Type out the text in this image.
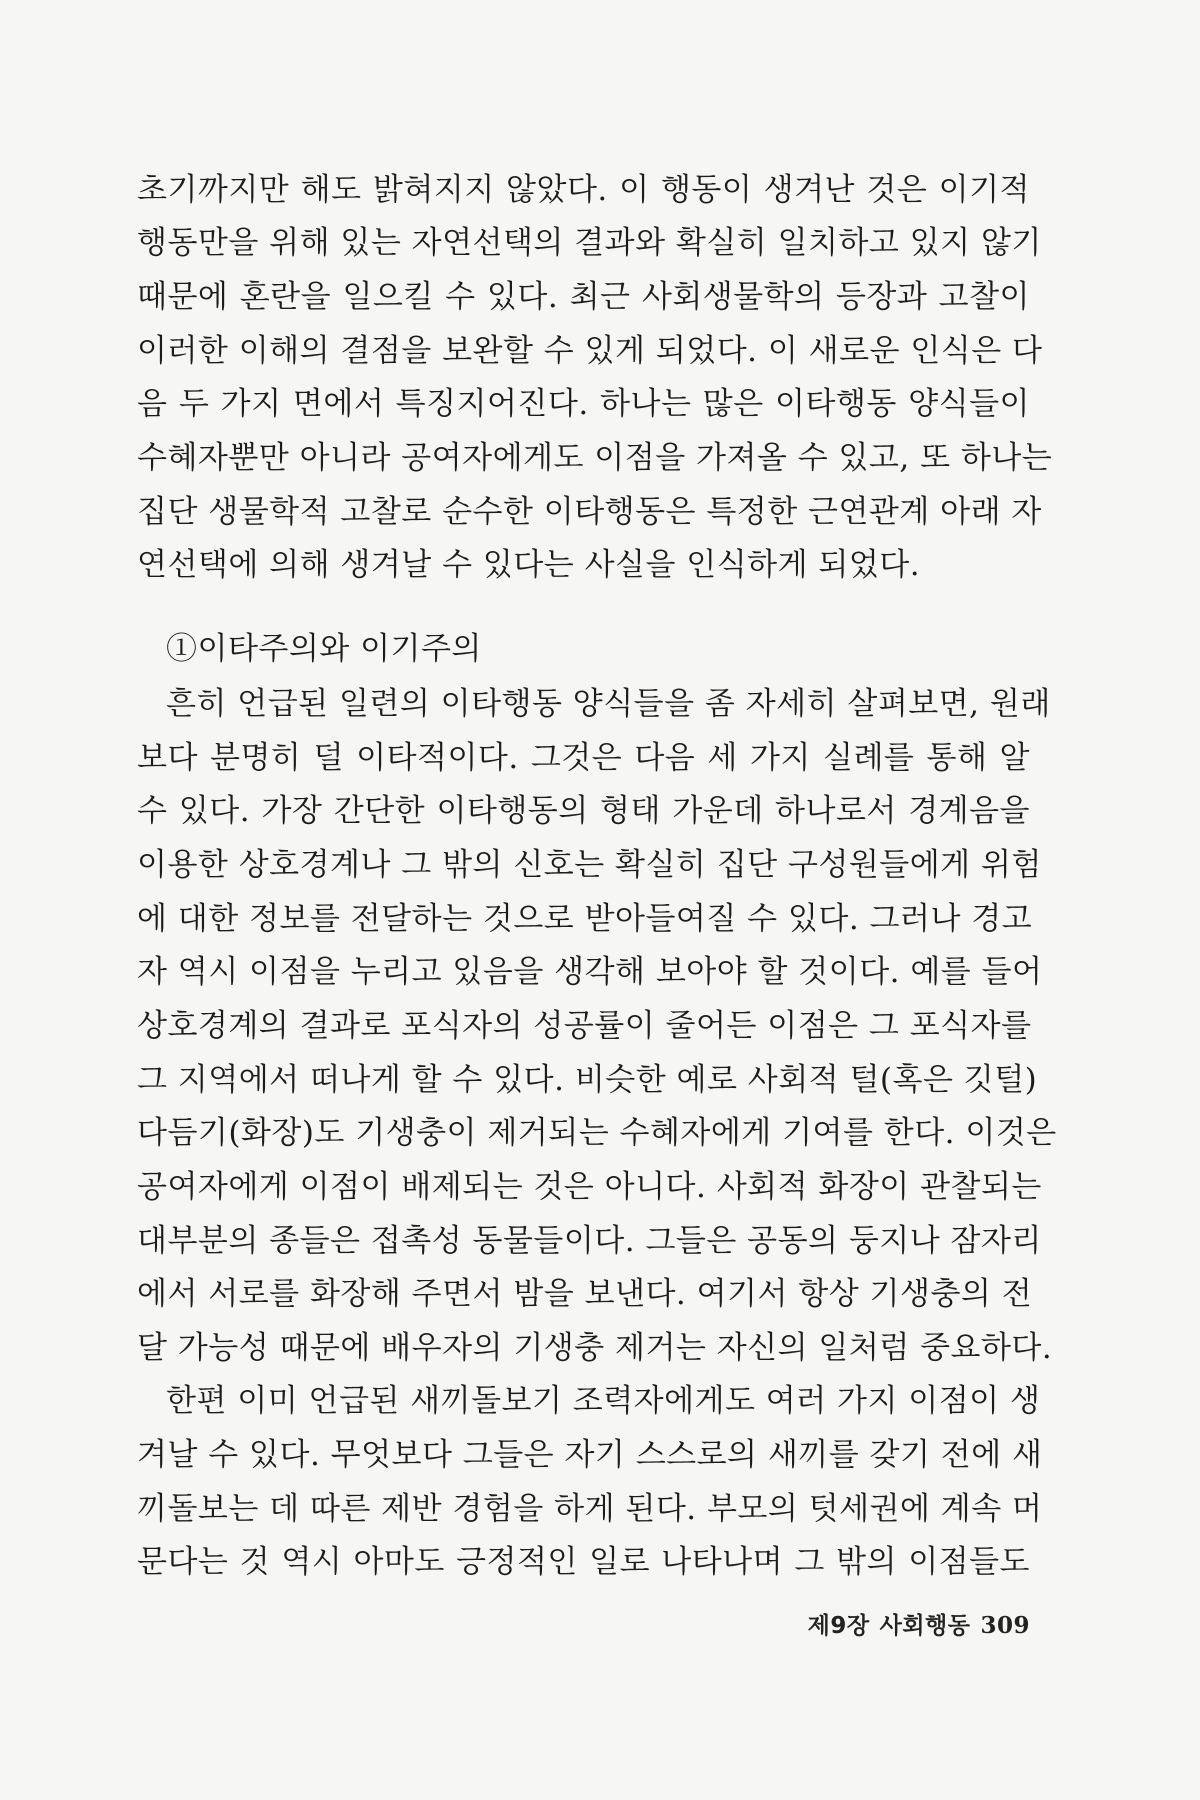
초기까지만 해도 밝혀지지 않았다. 이 행동이 생겨난 것은 이기적
행동만을 위해 있는 자연선택의 결과와 확실히 일치하고 있지 않기
때문에 혼란을 일으킬 수 있다. 최근 사회생물학의 등장과 고찰이
이러한 이해의 결점을 보완할 수 있게 되었다. 이 새로운 인식은 다
음 두 가지 면에서 특징지어진다. 하나는 많은 이타행동 양식들이
수혜자뿐만 아니라 공여자에게도 이점을 가져올 수 있고, 또 하나는
집단 생물학적 고찰로 순수한 이타행동은 특정한 근연관계 아래 자
연선택에 의해 생겨날 수 있다는 사실을 인식하게 되었다.
①이타주의와 이기주의
흔히 언급된 일련의 이타행동 양식들을 좀 자세히 살펴보면, 원래
보다 분명히 덜 이타적이다. 그것은 다음 세 가지 실례를 통해 알
수 있다. 가장 간단한 이타행동의 형태 가운데 하나로서 경계음을
이용한 상호경계나 그 밖의 신호는 확실히 집단 구성원들에게 위험
에 대한 정보를 전달하는 것으로 받아들여질 수 있다. 그러나 경고
자 역시 이점을 누리고 있음을 생각해 보아야 할 것이다. 예를 들어
상호경계의 결과로 포식자의 성공률이 줄어든 이점은 그 포식자를
그 지역에서 떠나게 할 수 있다. 비슷한 예로 사회적 털(혹은 깃털)
다듬기(화장)도 기생충이 제거되는 수혜자에게 기여를 한다. 이것은
공여자에게 이점이 배제되는 것은 아니다. 사회적 화장이 관찰되는
대부분의 종들은 접촉성 동물들이다. 그들은 공동의 둥지나 잠자리
에서 서로를 화장해 주면서 밤을 보낸다. 여기서 항상 기생충의 전
달 가능성 때문에 배우자의 기생충 제거는 자신의 일처럼 중요하다.
한편 이미 언급된 새끼돌보기 조력자에게도 여러 가지 이점이 생
겨날 수 있다. 무엇보다 그들은 자기 스스로의 새끼를 갖기 전에 새
끼돌보는 데 따른 제반 경험을 하게 된다. 부모의 텃세권에 계속 머
문다는 것 역시 아마도 긍정적인 일로 나타나며 그 밖의 이점들도
제9장 사회행동 309
